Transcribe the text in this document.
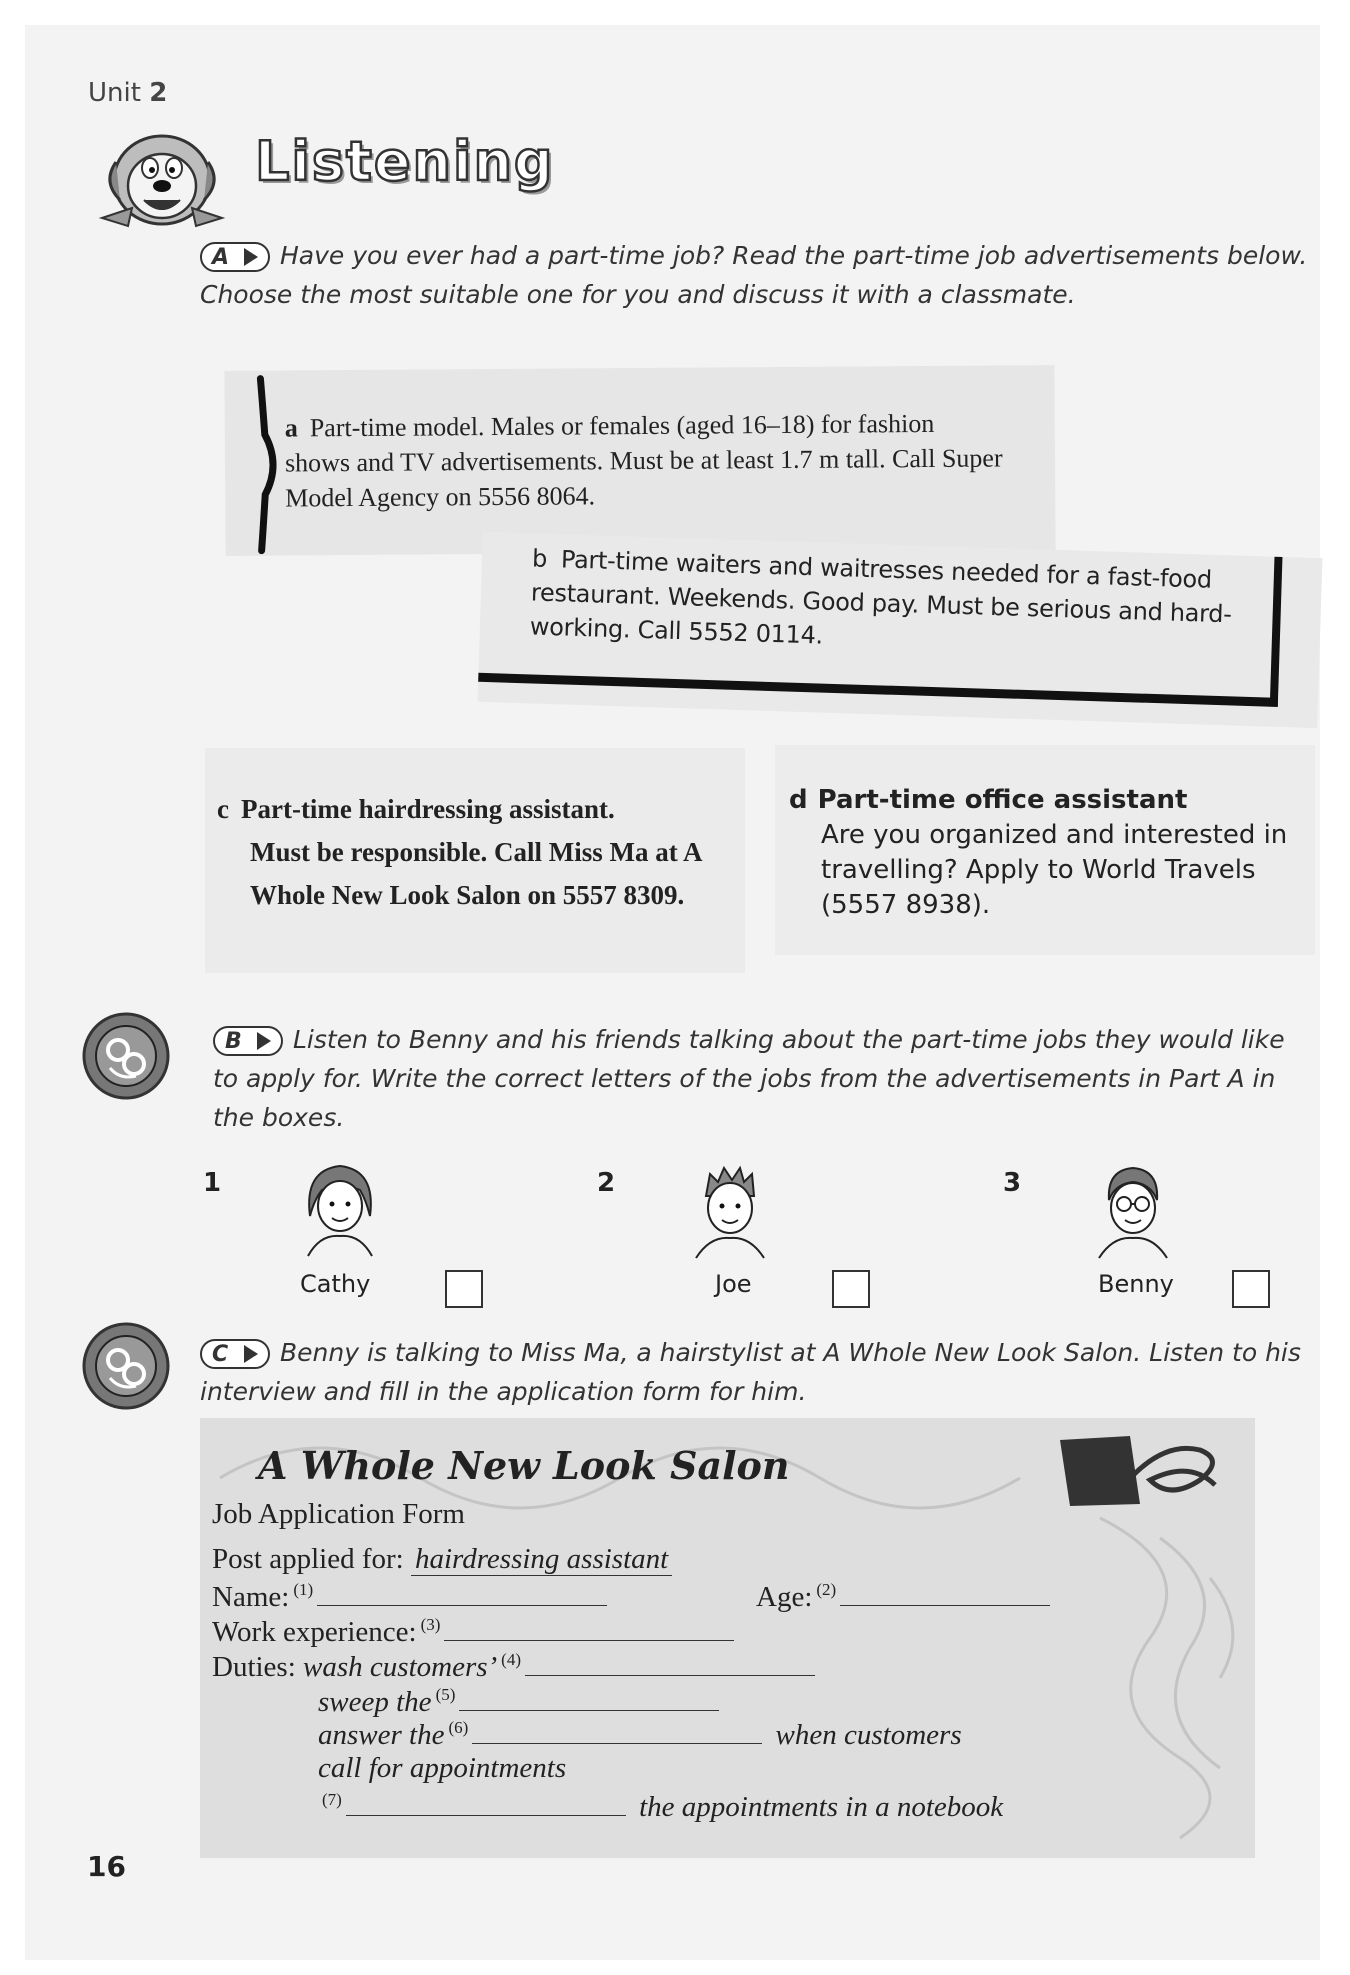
Unit 2
Listening
A Have you ever had a part-time job? Read the part-time job advertisements below. Choose the most suitable one for you and discuss it with a classmate.
a Part-time model. Males or females (aged 16–18) for fashion shows and TV advertisements. Must be at least 1.7 m tall. Call Super Model Agency on 5556 8064.
b Part-time waiters and waitresses needed for a fast-food restaurant. Weekends. Good pay. Must be serious and hard-working. Call 5552 0114.
c Part-time hairdressing assistant.
Must be responsible. Call Miss Ma at A Whole New Look Salon on 5557 8309.
d Part-time office assistant
Are you organized and interested in travelling? Apply to World Travels (5557 8938).
B Listen to Benny and his friends talking about the part-time jobs they would like to apply for. Write the correct letters of the jobs from the advertisements in Part A in the boxes.
1
Cathy
2
Joe
3
Benny
C Benny is talking to Miss Ma, a hairstylist at A Whole New Look Salon. Listen to his interview and fill in the application form for him.
A Whole New Look Salon
Job Application Form
Post applied for: hairdressing assistant
Name: $^{(1)}$	Age: $^{(2)}$
Work experience: $^{(3)}$
Duties: wash customers’ $^{(4)}$
sweep the $^{(5)}$
answer the $^{(6)}$	when customers
call for appointments
$^{(7)}$	the appointments in a notebook
16
